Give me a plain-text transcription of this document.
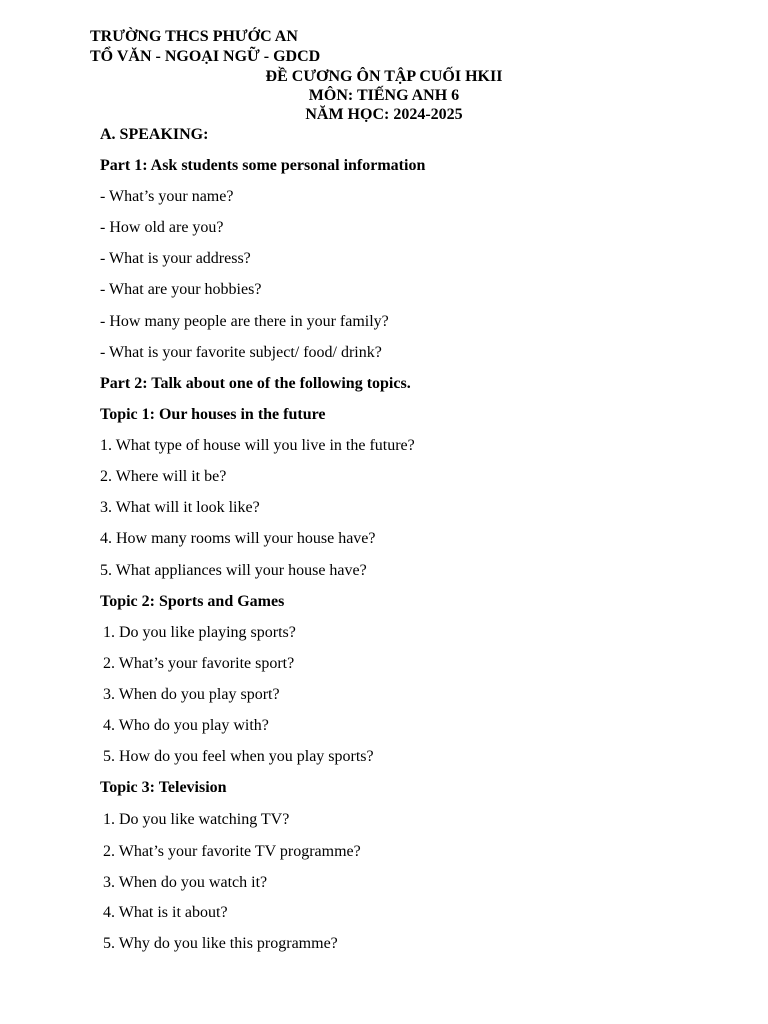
TRƯỜNG THCS PHƯỚC AN
TỔ VĂN - NGOẠI NGỮ - GDCD
ĐỀ CƯƠNG ÔN TẬP CUỐI HKII
MÔN: TIẾNG ANH 6
NĂM HỌC: 2024-2025
A. SPEAKING:
Part 1: Ask students some personal information
- What’s your name?
- How old are you?
- What is your address?
- What are your hobbies?
- How many people are there in your family?
- What is your favorite subject/ food/ drink?
Part 2: Talk about one of the following topics.
Topic 1: Our houses in the future
1. What type of house will you live in the future?
2. Where will it be?
3. What will it look like?
4. How many rooms will your house have?
5. What appliances will your house have?
Topic 2: Sports and Games
1. Do you like playing sports?
2. What’s your favorite sport?
3. When do you play sport?
4. Who do you play with?
5. How do you feel when you play sports?
Topic 3: Television
1. Do you like watching TV?
2. What’s your favorite TV programme?
3. When do you watch it?
4. What is it about?
5. Why do you like this programme?
